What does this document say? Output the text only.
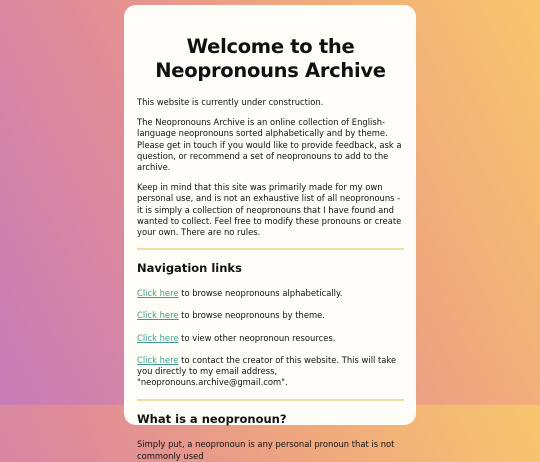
Welcome to the Neopronouns Archive

This website is currently under construction.

The Neopronouns Archive is an online collection of English-language neopronouns sorted alphabetically and by theme. Please get in touch if you would like to provide feedback, ask a question, or recommend a set of neopronouns to add to the archive.

Keep in mind that this site was primarily made for my own personal use, and is not an exhaustive list of all neopronouns - it is simply a collection of neopronouns that I have found and wanted to collect. Feel free to modify these pronouns or create your own. There are no rules.

Navigation links

Click here to browse neopronouns alphabetically.

Click here to browse neopronouns by theme.

Click here to view other neopronoun resources.

Click here to contact the creator of this website. This will take you directly to my email address, "neopronouns.archive@gmail.com".

What is a neopronoun?

Simply put, a neopronoun is any personal pronoun that is not commonly used
